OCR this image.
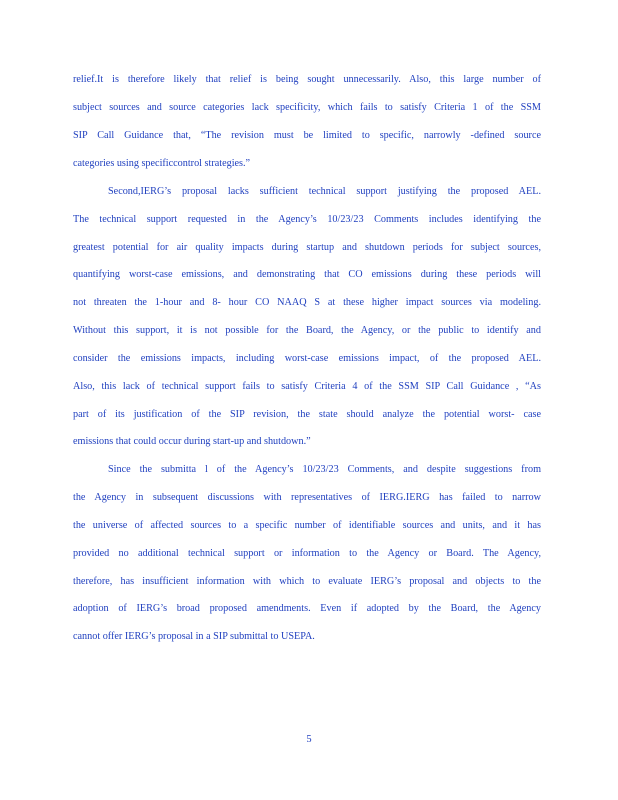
relief.It is therefore likely that relief is being sought unnecessarily. Also, this large number of
subject sources and source categories lack specificity, which fails to satisfy Criteria 1 of the SSM
SIP Call Guidance that, “The revision must be limited to specific, narrowly -defined source
categories using specificcontrol strategies.”
Second,IERG’s proposal lacks sufficient technical support justifying the proposed AEL.
The technical support requested in the Agency’s 10/23/23 Comments includes identifying the
greatest potential for air quality impacts during startup and shutdown periods for subject sources,
quantifying worst-case emissions, and demonstrating that CO emissions during these periods will
not threaten the 1-hour and 8- hour CO NAAQ S at these higher impact sources via modeling.
Without this support, it is not possible for the Board, the Agency, or the public to identify and
consider the emissions impacts, including worst-case emissions impact, of the proposed AEL.
Also, this lack of technical support fails to satisfy Criteria 4 of the SSM SIP Call Guidance , “As
part of its justification of the SIP revision, the state should analyze the potential worst- case
emissions that could occur during start-up and shutdown.”
Since the submitta l of the Agency’s 10/23/23 Comments, and despite suggestions from
the Agency in subsequent discussions with representatives of IERG.IERG has failed to narrow
the universe of affected sources to a specific number of identifiable sources and units, and it has
provided no additional technical support or information to the Agency or Board. The Agency,
therefore, has insufficient information with which to evaluate IERG’s proposal and objects to the
adoption of IERG’s broad proposed amendments. Even if adopted by the Board, the Agency
cannot offer IERG’s proposal in a SIP submittal to USEPA.
5
